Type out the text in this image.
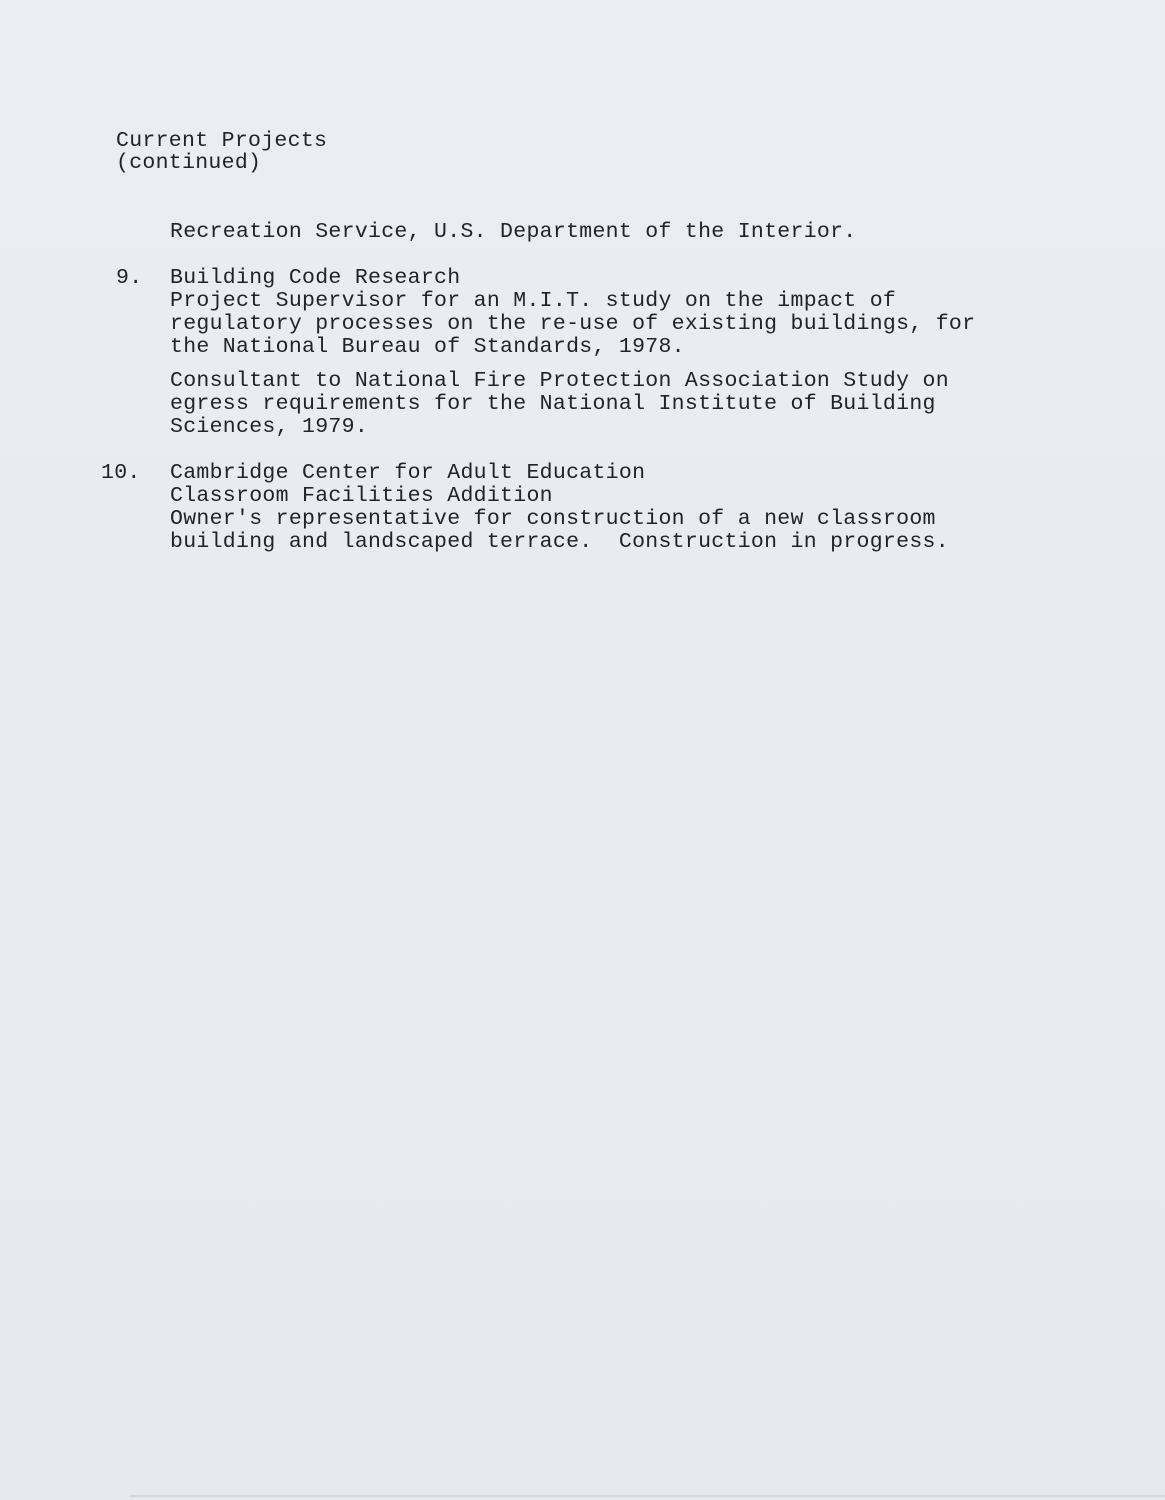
Current Projects
(continued)
Recreation Service, U.S. Department of the Interior.
9. Building Code Research
Project Supervisor for an M.I.T. study on the impact of
regulatory processes on the re-use of existing buildings, for
the National Bureau of Standards, 1978.
Consultant to National Fire Protection Association Study on
egress requirements for the National Institute of Building
Sciences, 1979.
10. Cambridge Center for Adult Education
Classroom Facilities Addition
Owner's representative for construction of a new classroom
building and landscaped terrace.  Construction in progress.
